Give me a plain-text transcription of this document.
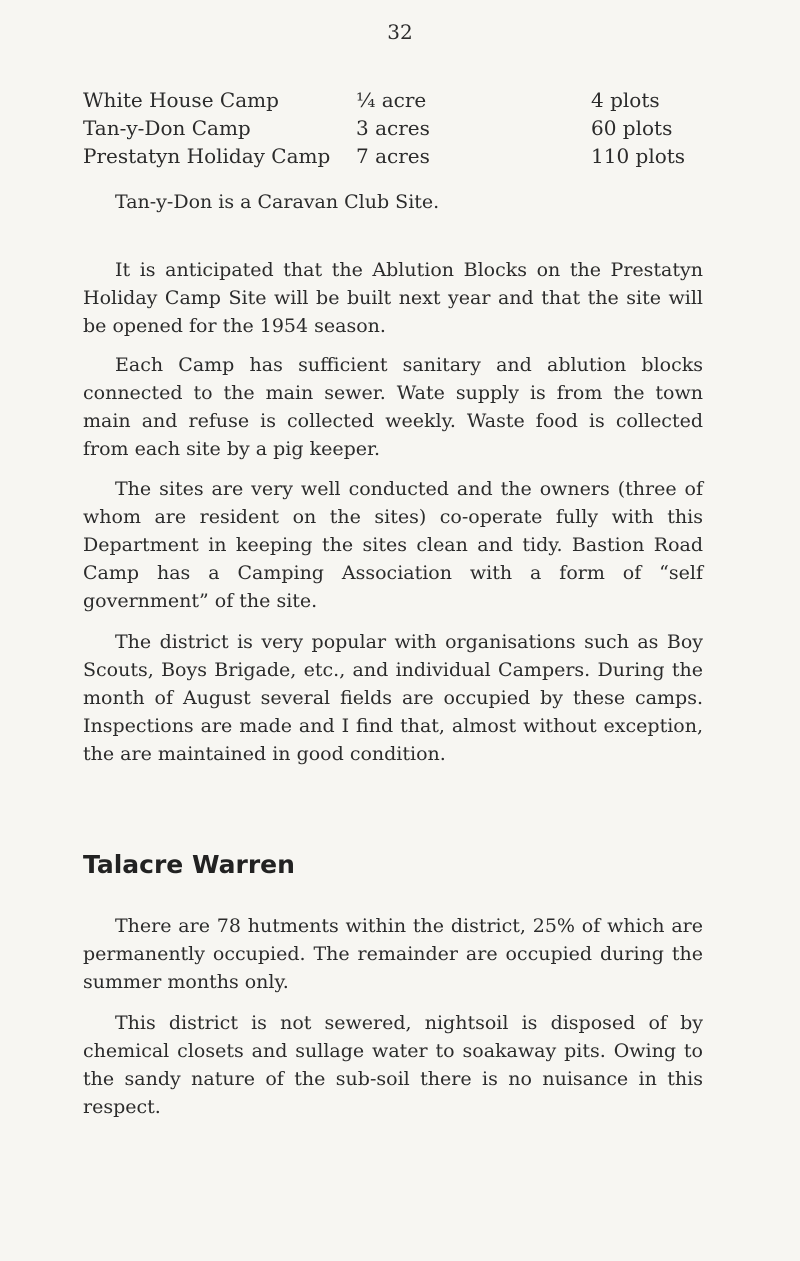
32
White House Camp	¼ acre	4 plots
Tan-y-Don Camp	3 acres	60 plots
Prestatyn Holiday Camp 7 acres	110 plots

Tan-y-Don is a Caravan Club Site.

It is anticipated that the Ablution Blocks on the Prestatyn Holiday Camp Site will be built next year and that the site will be opened for the 1954 season.

Each Camp has sufficient sanitary and ablution blocks connected to the main sewer. Wate supply is from the town main and refuse is collected weekly. Waste food is collected from each site by a pig keeper.

The sites are very well conducted and the owners (three of whom are resident on the sites) co-operate fully with this Department in keeping the sites clean and tidy. Bastion Road Camp has a Camping Association with a form of “self government” of the site.

The district is very popular with organisations such as Boy Scouts, Boys Brigade, etc., and individual Campers. During the month of August several fields are occupied by these camps. Inspections are made and I find that, almost without exception, the are maintained in good condition.

Talacre Warren

There are 78 hutments within the district, 25% of which are permanently occupied. The remainder are occupied during the summer months only.

This district is not sewered, nightsoil is disposed of by chemical closets and sullage water to soakaway pits. Owing to the sandy nature of the sub-soil there is no nuisance in this respect.
